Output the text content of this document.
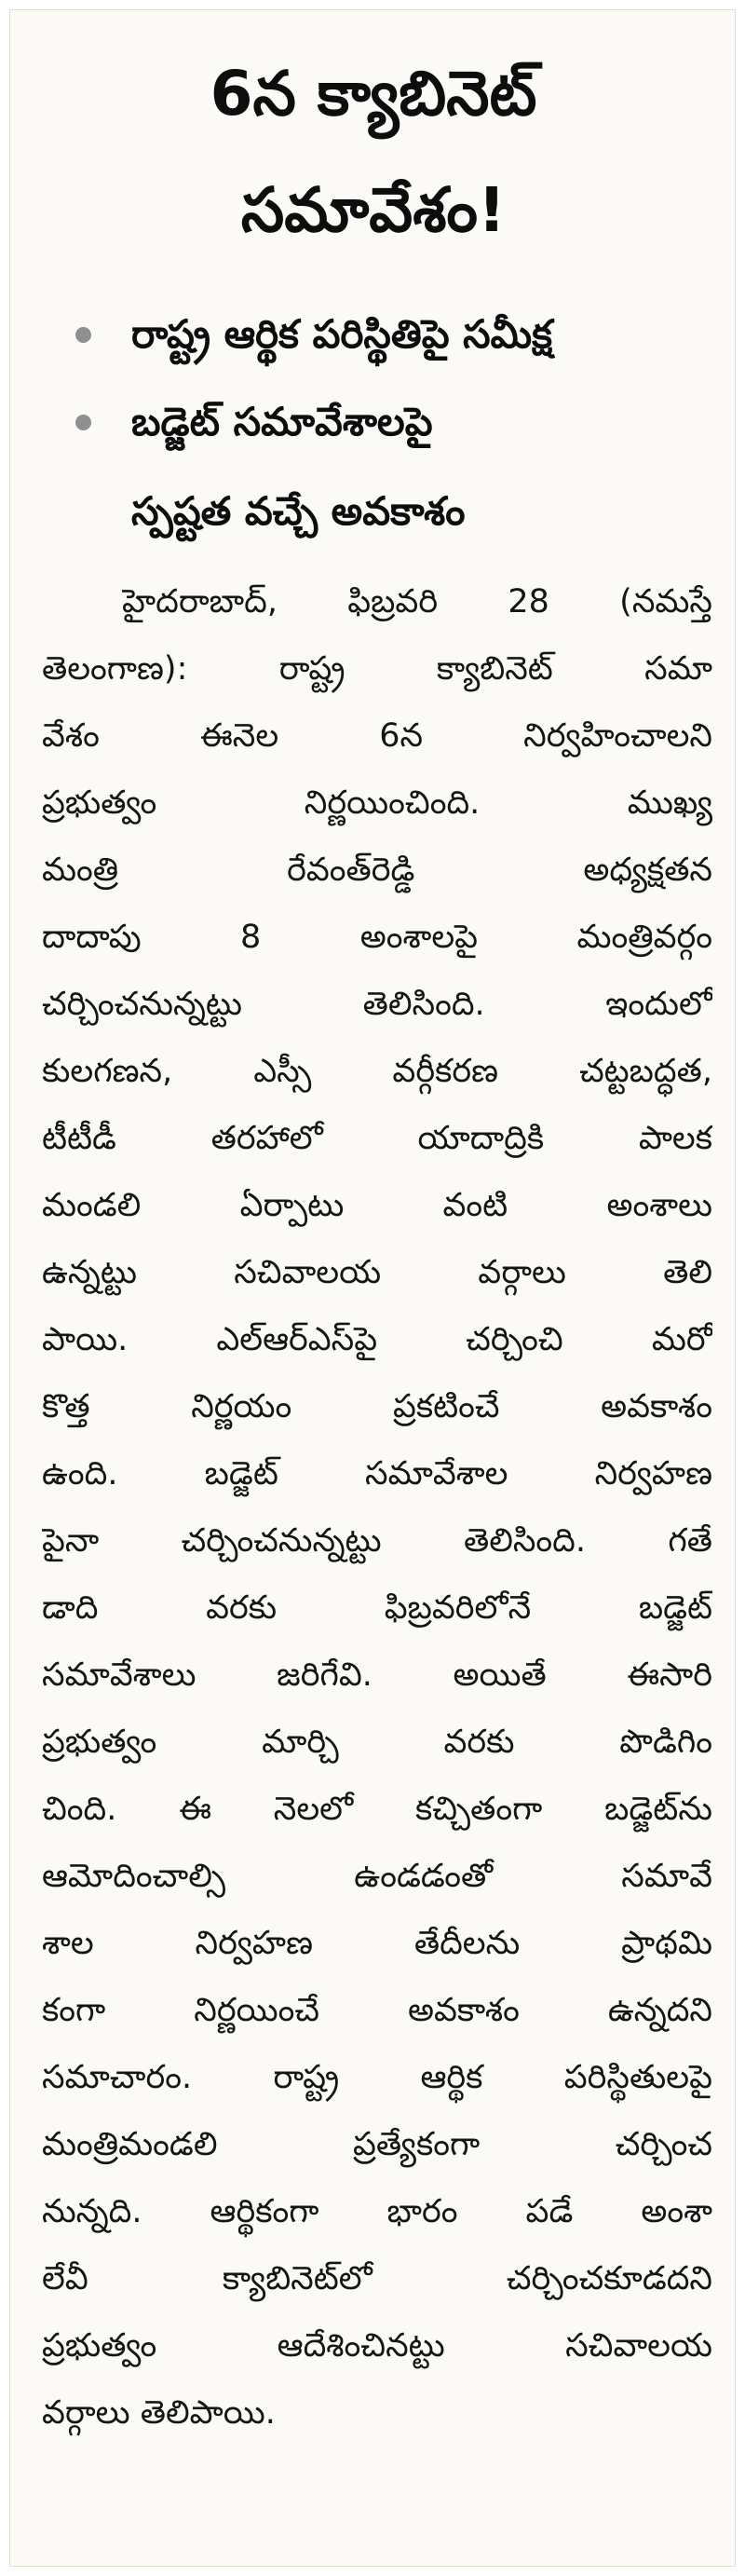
6న క్యాబినెట్
సమావేశం!
రాష్ట్ర ఆర్థిక పరిస్థితిపై సమీక్ష
బడ్జెట్ సమావేశాలపై
స్పష్టత వచ్చే అవకాశం
హైదరాబాద్, ఫిబ్రవరి 28 (నమస్తే
తెలంగాణ): రాష్ట్ర క్యాబినెట్ సమా
వేశం ఈనెల 6న నిర్వహించాలని
ప్రభుత్వం నిర్ణయించింది. ముఖ్య
మంత్రి రేవంత్‌రెడ్డి అధ్యక్షతన
దాదాపు 8 అంశాలపై మంత్రివర్గం
చర్చించనున్నట్టు తెలిసింది. ఇందులో
కులగణన, ఎస్సీ వర్గీకరణ చట్టబద్ధత,
టీటీడీ తరహాలో యాదాద్రికి పాలక
మండలి ఏర్పాటు వంటి అంశాలు
ఉన్నట్టు సచివాలయ వర్గాలు తెలి
పాయి. ఎల్‌ఆర్‌ఎస్‌పై చర్చించి మరో
కొత్త నిర్ణయం ప్రకటించే అవకాశం
ఉంది. బడ్జెట్ సమావేశాల నిర్వహణ
పైనా చర్చించనున్నట్టు తెలిసింది. గతే
డాది వరకు ఫిబ్రవరిలోనే బడ్జెట్
సమావేశాలు జరిగేవి. అయితే ఈసారి
ప్రభుత్వం మార్చి వరకు పొడిగిం
చింది. ఈ నెలలో కచ్చితంగా బడ్జెట్‌ను
ఆమోదించాల్సి ఉండడంతో సమావే
శాల నిర్వహణ తేదీలను ప్రాథమి
కంగా నిర్ణయించే అవకాశం ఉన్నదని
సమాచారం. రాష్ట్ర ఆర్థిక పరిస్థితులపై
మంత్రిమండలి ప్రత్యేకంగా చర్చించ
నున్నది. ఆర్థికంగా భారం పడే అంశా
లేవీ క్యాబినెట్‌లో చర్చించకూడదని
ప్రభుత్వం ఆదేశించినట్టు సచివాలయ
వర్గాలు తెలిపాయి.
